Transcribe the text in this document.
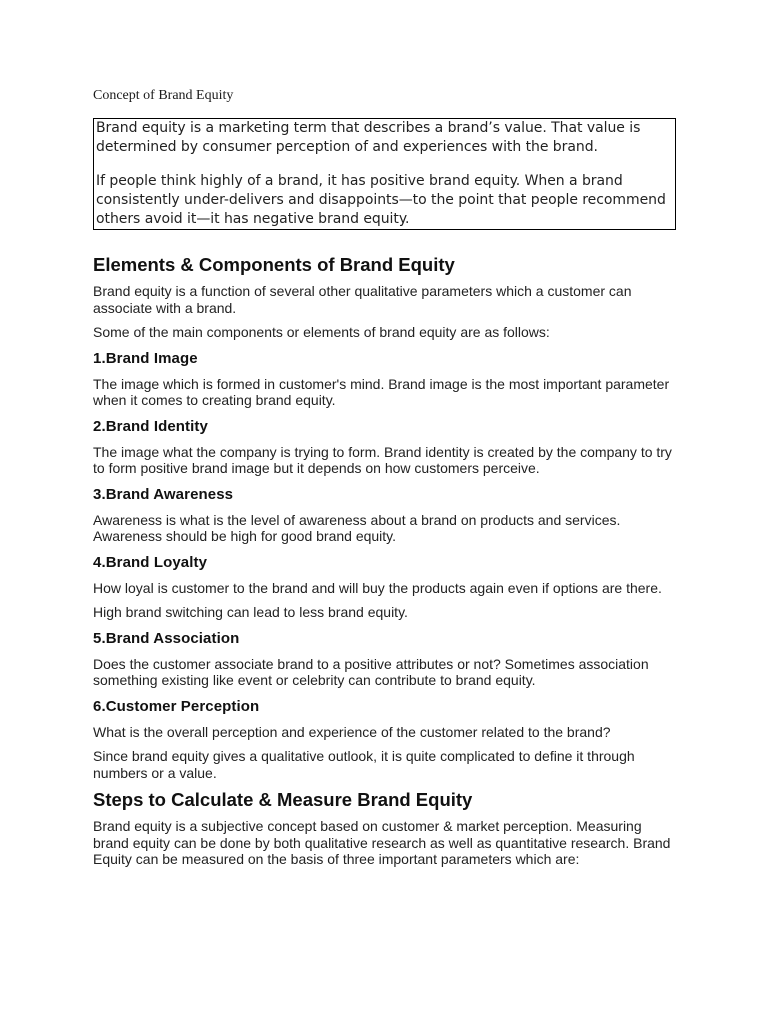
Concept of Brand Equity

Brand equity is a marketing term that describes a brand’s value. That value is determined by consumer perception of and experiences with the brand.

If people think highly of a brand, it has positive brand equity. When a brand consistently under-delivers and disappoints—to the point that people recommend others avoid it—it has negative brand equity.

Elements & Components of Brand Equity

Brand equity is a function of several other qualitative parameters which a customer can associate with a brand.

Some of the main components or elements of brand equity are as follows:

1.Brand Image

The image which is formed in customer's mind. Brand image is the most important parameter when it comes to creating brand equity.

2.Brand Identity

The image what the company is trying to form. Brand identity is created by the company to try to form positive brand image but it depends on how customers perceive.

3.Brand Awareness

Awareness is what is the level of awareness about a brand on products and services. Awareness should be high for good brand equity.

4.Brand Loyalty

How loyal is customer to the brand and will buy the products again even if options are there.

High brand switching can lead to less brand equity.

5.Brand Association

Does the customer associate brand to a positive attributes or not? Sometimes association something existing like event or celebrity can contribute to brand equity.

6.Customer Perception

What is the overall perception and experience of the customer related to the brand?

Since brand equity gives a qualitative outlook, it is quite complicated to define it through numbers or a value.

Steps to Calculate & Measure Brand Equity

Brand equity is a subjective concept based on customer & market perception. Measuring brand equity can be done by both qualitative research as well as quantitative research. Brand Equity can be measured on the basis of three important parameters which are:
